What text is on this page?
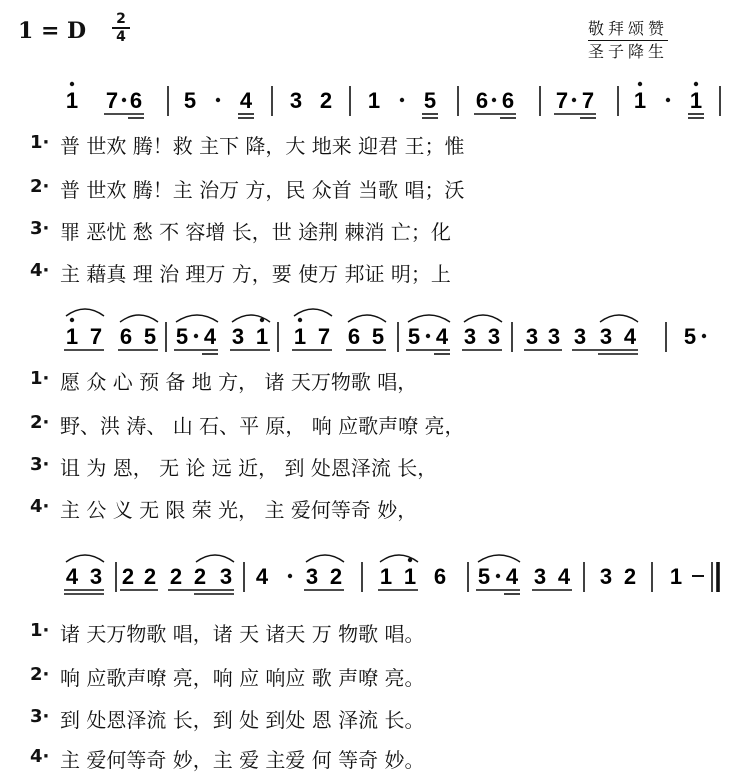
1 = D 2
4	敬拜颂赞
圣子降生
1 7 6 5 4 3 2 1 5 6 6 7 7 1 1
1 7 6 5 5 4 3 1 1 7 6 5 5 4 3 3 3 3 3 3 4 5
4 3 2 2 2 2 3 4 3 2 1 1 6 5 4 3 4 3 2 1
1· 普 世欢 腾！救 主下 降，大 地来 迎君 王；惟
2· 普 世欢 腾！主 治万 方，民 众首 当歌 唱；沃
3· 罪 恶忧 愁 不 容增 长，世 途荆 棘消 亡；化
4· 主 藉真 理 治 理万 方，要 使万 邦证 明；上
1· 愿 众 心 预 备 地 方， 诸 天万物歌 唱，
2· 野、洪 涛、 山 石、平 原， 响 应歌声嘹 亮，
3· 诅 为 恩， 无 论 远 近， 到 处恩泽流 长，
4· 主 公 义 无 限 荣 光， 主 爱何等奇 妙，
1· 诸 天万物歌 唱，诸 天 诸天 万 物歌 唱。
2· 响 应歌声嘹 亮，响 应 响应 歌 声嘹 亮。
3· 到 处恩泽流 长，到 处 到处 恩 泽流 长。
4· 主 爱何等奇 妙，主 爱 主爱 何 等奇 妙。
